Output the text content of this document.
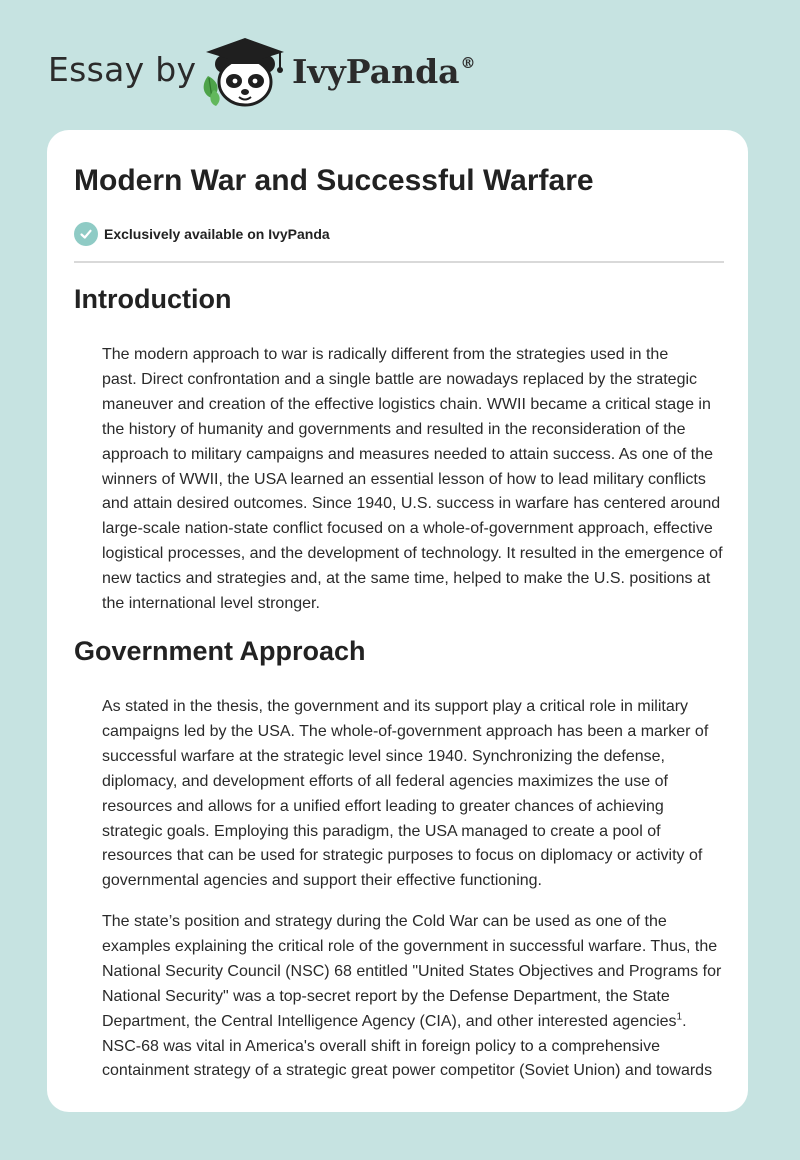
Essay by	IvyPanda®
Modern War and Successful Warfare
Exclusively available on IvyPanda
Introduction

The modern approach to war is radically different from the strategies used in the
past. Direct confrontation and a single battle are nowadays replaced by the strategic
maneuver and creation of the effective logistics chain. WWII became a critical stage in
the history of humanity and governments and resulted in the reconsideration of the
approach to military campaigns and measures needed to attain success. As one of the
winners of WWII, the USA learned an essential lesson of how to lead military conflicts
and attain desired outcomes. Since 1940, U.S. success in warfare has centered around
large-scale nation-state conflict focused on a whole-of-government approach, effective
logistical processes, and the development of technology. It resulted in the emergence of
new tactics and strategies and, at the same time, helped to make the U.S. positions at
the international level stronger.

Government Approach

As stated in the thesis, the government and its support play a critical role in military
campaigns led by the USA. The whole-of-government approach has been a marker of
successful warfare at the strategic level since 1940. Synchronizing the defense,
diplomacy, and development efforts of all federal agencies maximizes the use of
resources and allows for a unified effort leading to greater chances of achieving
strategic goals. Employing this paradigm, the USA managed to create a pool of
resources that can be used for strategic purposes to focus on diplomacy or activity of
governmental agencies and support their effective functioning.

The state’s position and strategy during the Cold War can be used as one of the
examples explaining the critical role of the government in successful warfare. Thus, the
National Security Council (NSC) 68 entitled "United States Objectives and Programs for
National Security" was a top-secret report by the Defense Department, the State
Department, the Central Intelligence Agency (CIA), and other interested agencies$^1$.
NSC-68 was vital in America's overall shift in foreign policy to a comprehensive
containment strategy of a strategic great power competitor (Soviet Union) and towards
